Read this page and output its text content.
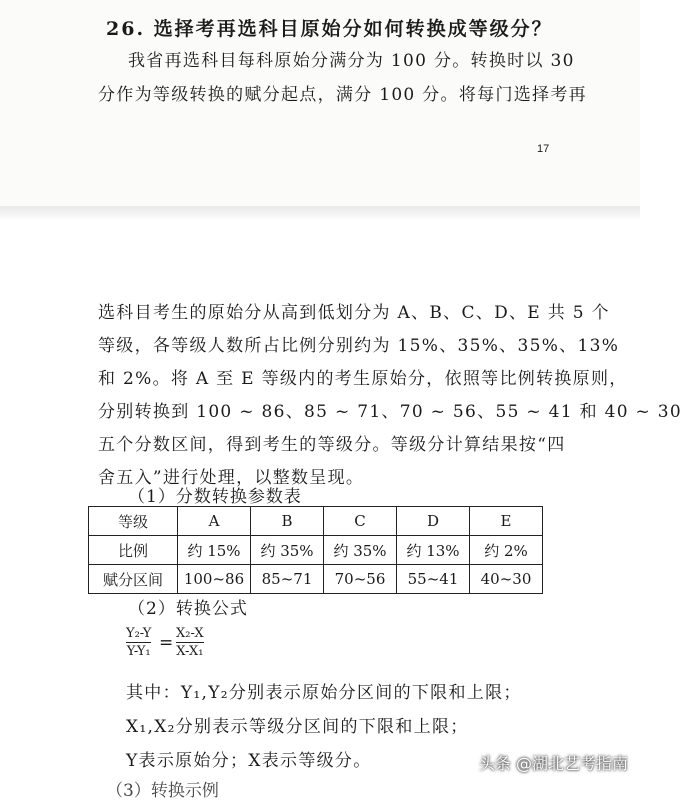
26. 选择考再选科目原始分如何转换成等级分？
我省再选科目每科原始分满分为 100 分。转换时以 30
分作为等级转换的赋分起点，满分 100 分。将每门选择考再
17
选科目考生的原始分从高到低划分为 A、B、C、D、E 共 5 个
等级，各等级人数所占比例分别约为 15%、35%、35%、13%
和 2%。将 A 至 E 等级内的考生原始分，依照等比例转换原则，
分别转换到 100 ~ 86、85 ~ 71、70 ~ 56、55 ~ 41 和 40 ~ 30
五个分数区间，得到考生的等级分。等级分计算结果按“四
舍五入”进行处理，以整数呈现。
（1）分数转换参数表
等级	A	B	C	D	E
比例	约 15%	约 35%	约 35%	约 13%	约 2%
赋分区间	100~86	85~71	70~56	55~41	40~30
（2）转换公式
Y₂-Y
Y-Y₁ = X₂-X
X-X₁
其中：Y₁,Y₂分别表示原始分区间的下限和上限；
X₁,X₂分别表示等级分区间的下限和上限；
Y表示原始分；X表示等级分。
（3）转换示例
头条 @湖北艺考指南
